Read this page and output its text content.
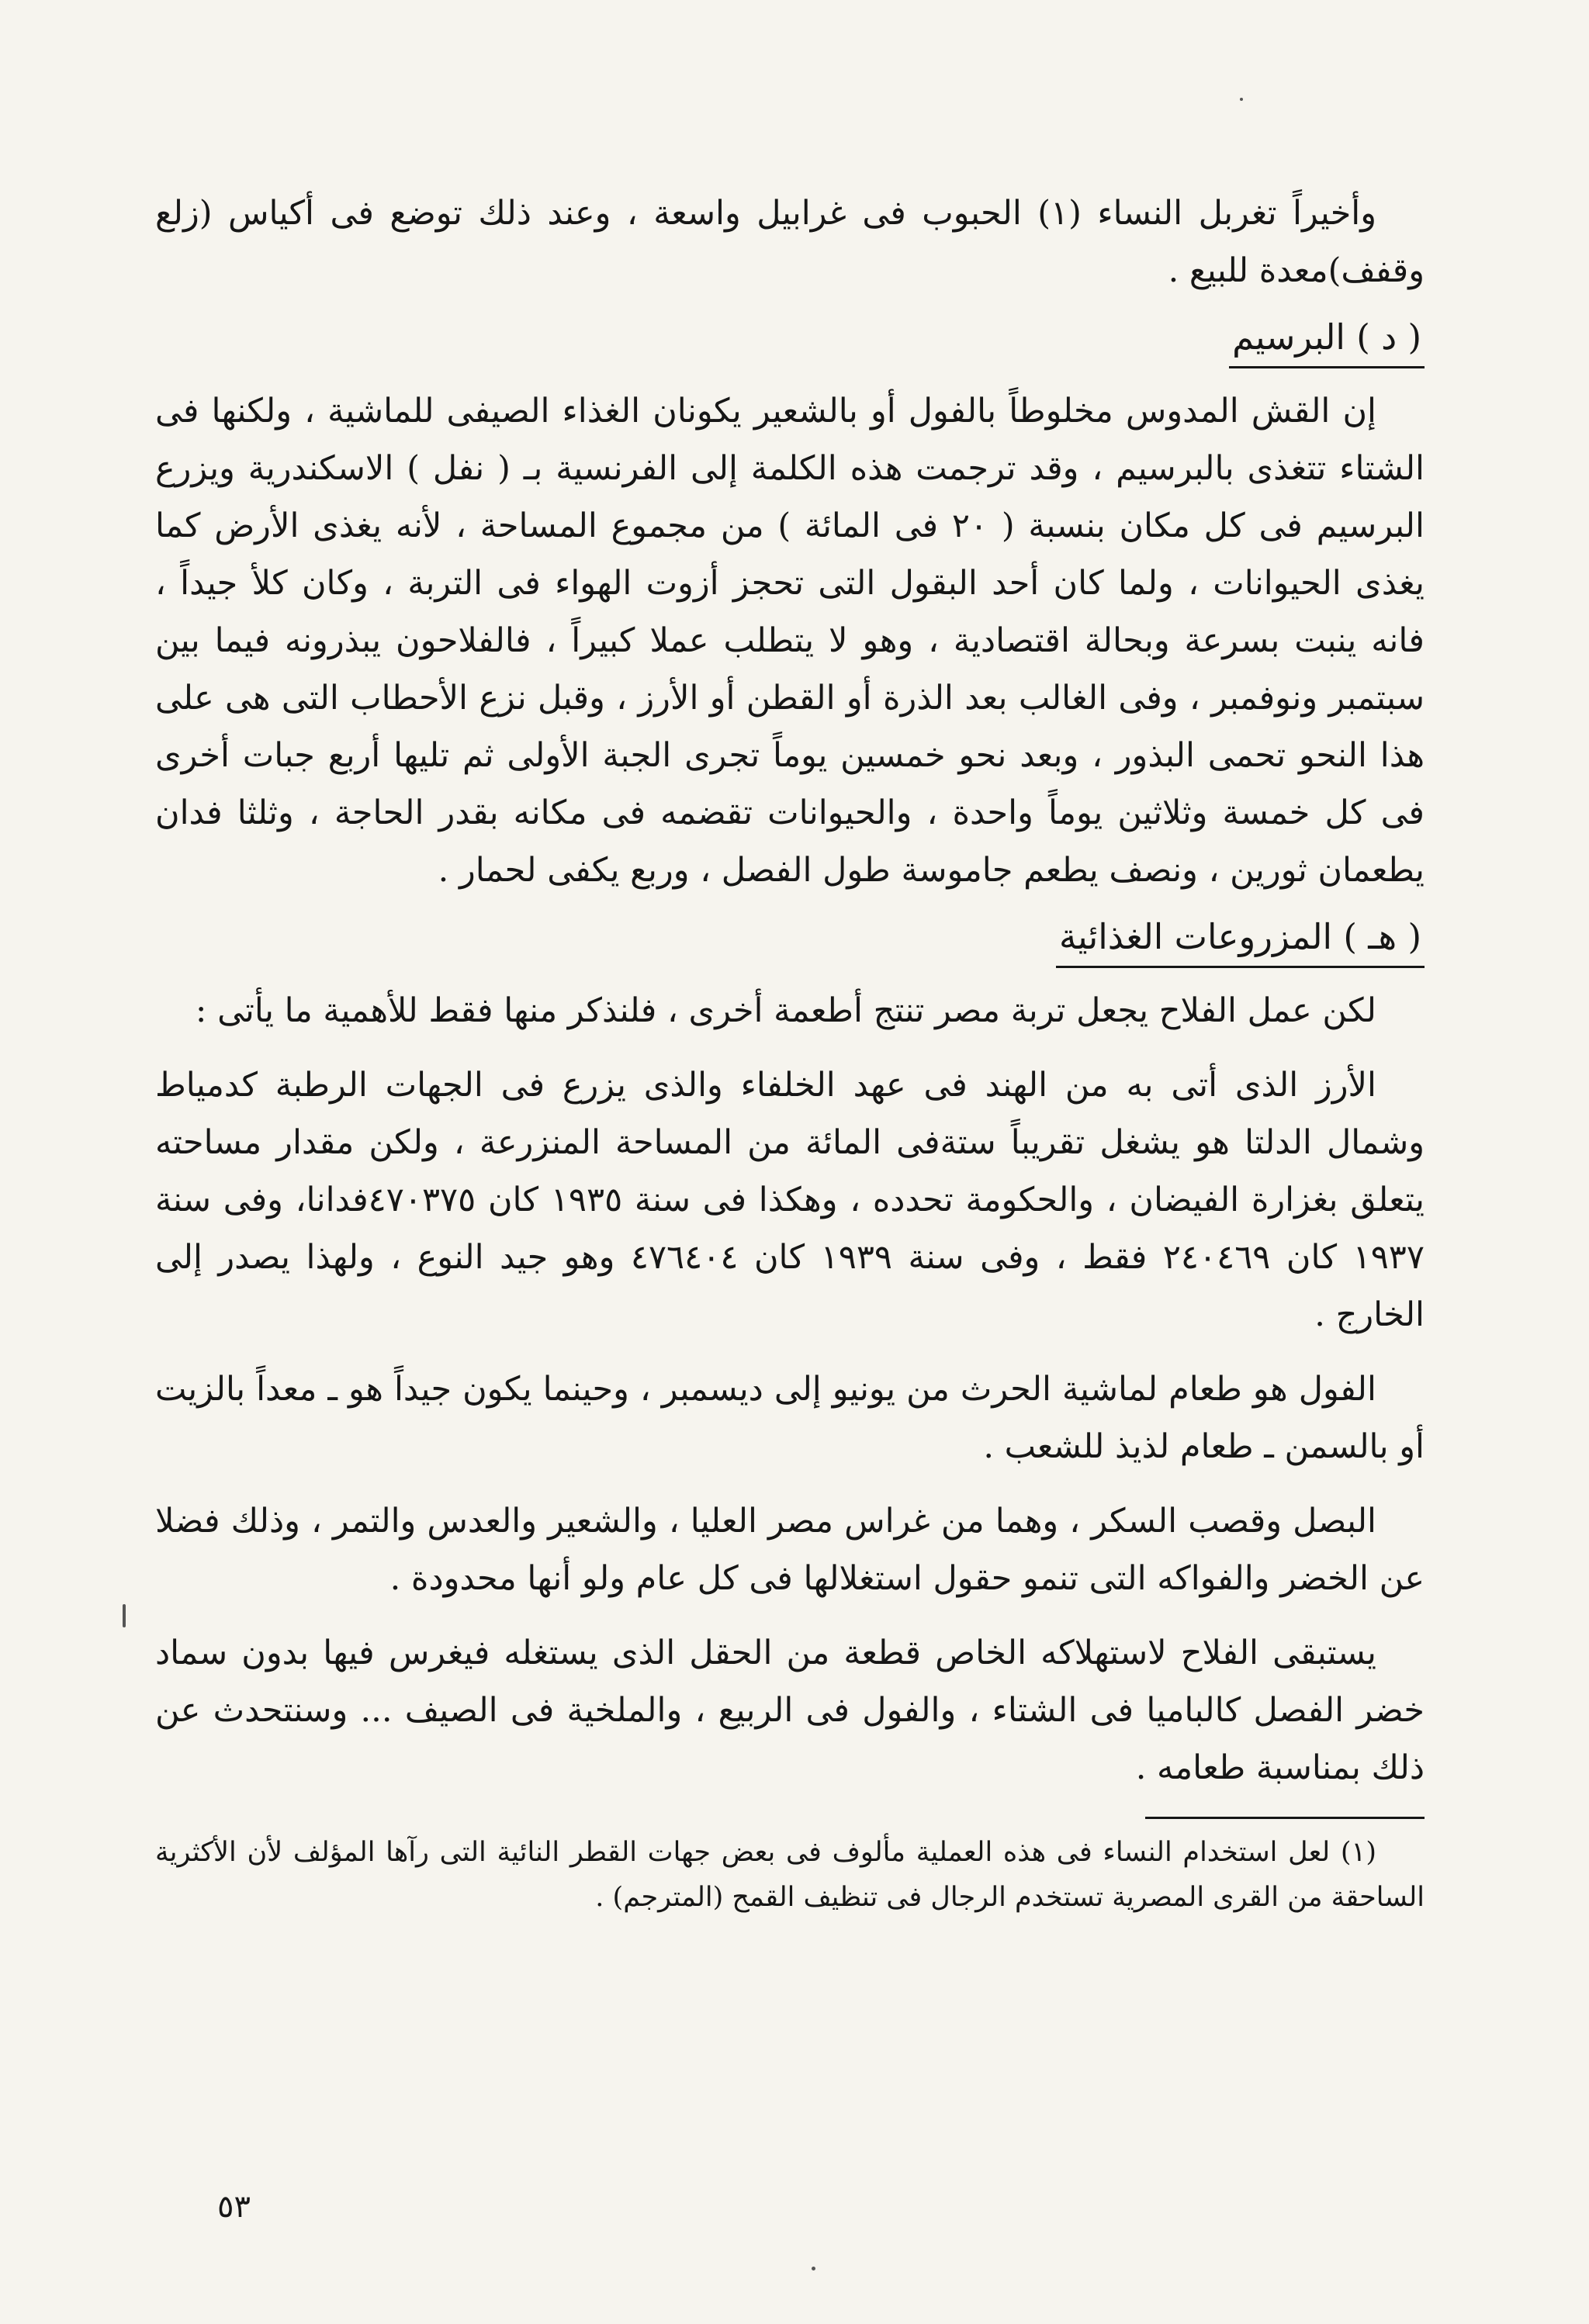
وأخيراً تغربل النساء (١) الحبوب فى غرابيل واسعة ، وعند ذلك توضع فى أكياس (زلع وقفف)معدة للبيع .

( د ) البرسيم

إن القش المدوس مخلوطاً بالفول أو بالشعير يكونان الغذاء الصيفى للماشية ، ولكنها فى الشتاء تتغذى بالبرسيم ، وقد ترجمت هذه الكلمة إلى الفرنسية بـ ( نفل ) الاسكندرية ويزرع البرسيم فى كل مكان بنسبة ( ٢٠ فى المائة ) من مجموع المساحة ، لأنه يغذى الأرض كما يغذى الحيوانات ، ولما كان أحد البقول التى تحجز أزوت الهواء فى التربة ، وكان كلأ جيداً ، فانه ينبت بسرعة وبحالة اقتصادية ، وهو لا يتطلب عملا كبيراً ، فالفلاحون يبذرونه فيما بين سبتمبر ونوفمبر ، وفى الغالب بعد الذرة أو القطن أو الأرز ، وقبل نزع الأحطاب التى هى على هذا النحو تحمى البذور ، وبعد نحو خمسين يوماً تجرى الجبة الأولى ثم تليها أربع جبات أخرى فى كل خمسة وثلاثين يوماً واحدة ، والحيوانات تقضمه فى مكانه بقدر الحاجة ، وثلثا فدان يطعمان ثورين ، ونصف يطعم جاموسة طول الفصل ، وربع يكفى لحمار .

( هـ ) المزروعات الغذائية

لكن عمل الفلاح يجعل تربة مصر تنتج أطعمة أخرى ، فلنذكر منها فقط للأهمية ما يأتى :

الأرز الذى أتى به من الهند فى عهد الخلفاء والذى يزرع فى الجهات الرطبة كدمياط وشمال الدلتا هو يشغل تقريباً ستةفى المائة من المساحة المنزرعة ، ولكن مقدار مساحته يتعلق بغزارة الفيضان ، والحكومة تحدده ، وهكذا فى سنة ١٩٣٥ كان ٤٧٠٣٧٥فدانا، وفى سنة ١٩٣٧ كان ٢٤٠٤٦٩ فقط ، وفى سنة ١٩٣٩ كان ٤٧٦٤٠٤ وهو جيد النوع ، ولهذا يصدر إلى الخارج .

الفول هو طعام لماشية الحرث من يونيو إلى ديسمبر ، وحينما يكون جيداً هو ـ معداً بالزيت أو بالسمن ـ طعام لذيذ للشعب .

البصل وقصب السكر ، وهما من غراس مصر العليا ، والشعير والعدس والتمر ، وذلك فضلا عن الخضر والفواكه التى تنمو حقول استغلالها فى كل عام ولو أنها محدودة .

يستبقى الفلاح لاستهلاكه الخاص قطعة من الحقل الذى يستغله فيغرس فيها بدون سماد خضر الفصل كالباميا فى الشتاء ، والفول فى الربيع ، والملخية فى الصيف ... وسنتحدث عن ذلك بمناسبة طعامه .

(١) لعل استخدام النساء فى هذه العملية مألوف فى بعض جهات القطر النائية التى رآها المؤلف لأن الأكثرية الساحقة من القرى المصرية تستخدم الرجال فى تنظيف القمح (المترجم) .

٥٣
